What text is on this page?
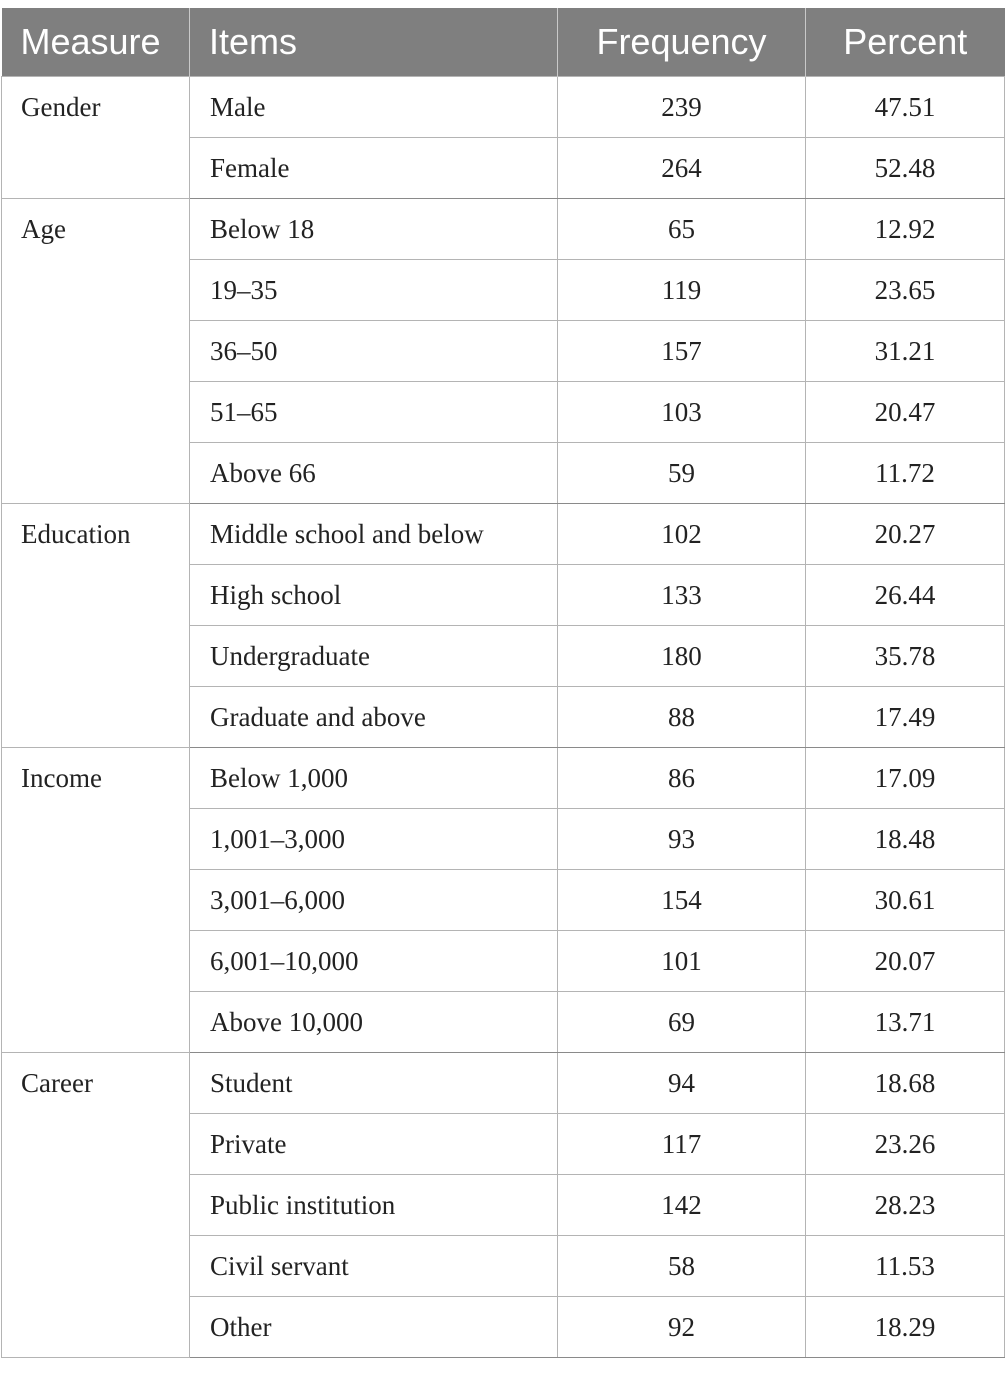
Measure	Items	Frequency	Percent
Gender	Male	239	47.51
	Female	264	52.48
Age	Below 18	65	12.92
	19–35	119	23.65
	36–50	157	31.21
	51–65	103	20.47
	Above 66	59	11.72
Education	Middle school and below	102	20.27
	High school	133	26.44
	Undergraduate	180	35.78
	Graduate and above	88	17.49
Income	Below 1,000	86	17.09
	1,001–3,000	93	18.48
	3,001–6,000	154	30.61
	6,001–10,000	101	20.07
	Above 10,000	69	13.71
Career	Student	94	18.68
	Private	117	23.26
	Public institution	142	28.23
	Civil servant	58	11.53
	Other	92	18.29
